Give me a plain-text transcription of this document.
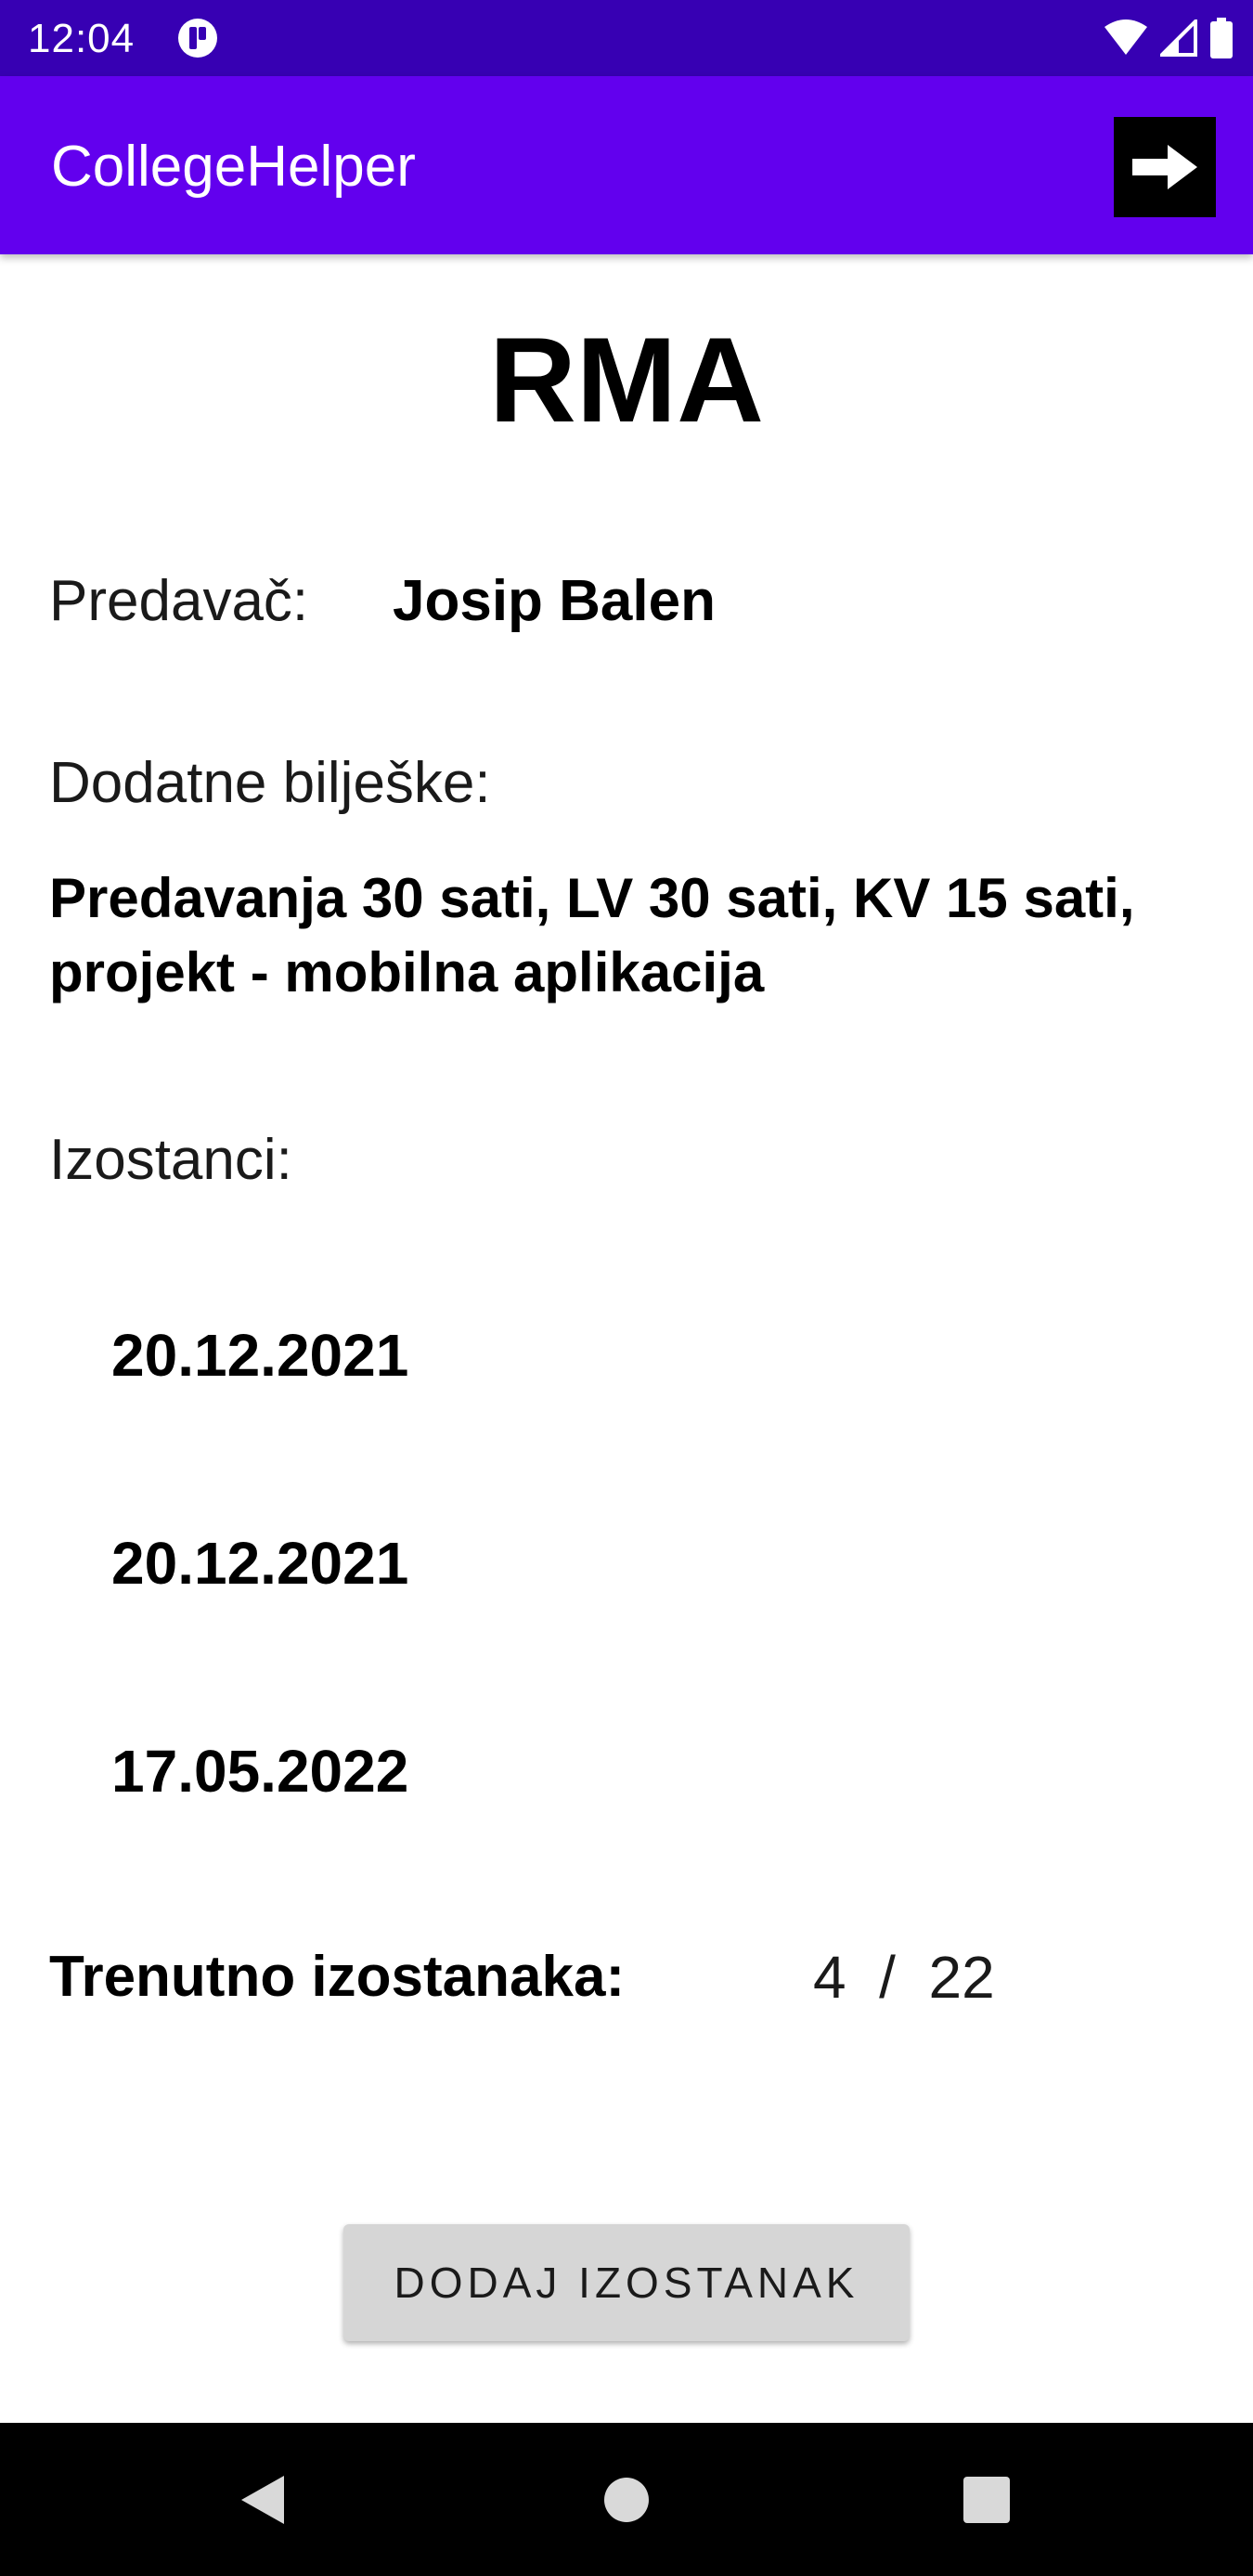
12:04
CollegeHelper
RMA
Predavač: Josip Balen
Dodatne bilješke:
Predavanja 30 sati, LV 30 sati, KV 15 sati, projekt - mobilna aplikacija
Izostanci:
20.12.2021
20.12.2021
17.05.2022
Trenutno izostanaka:	4 / 22
DODAJ IZOSTANAK
